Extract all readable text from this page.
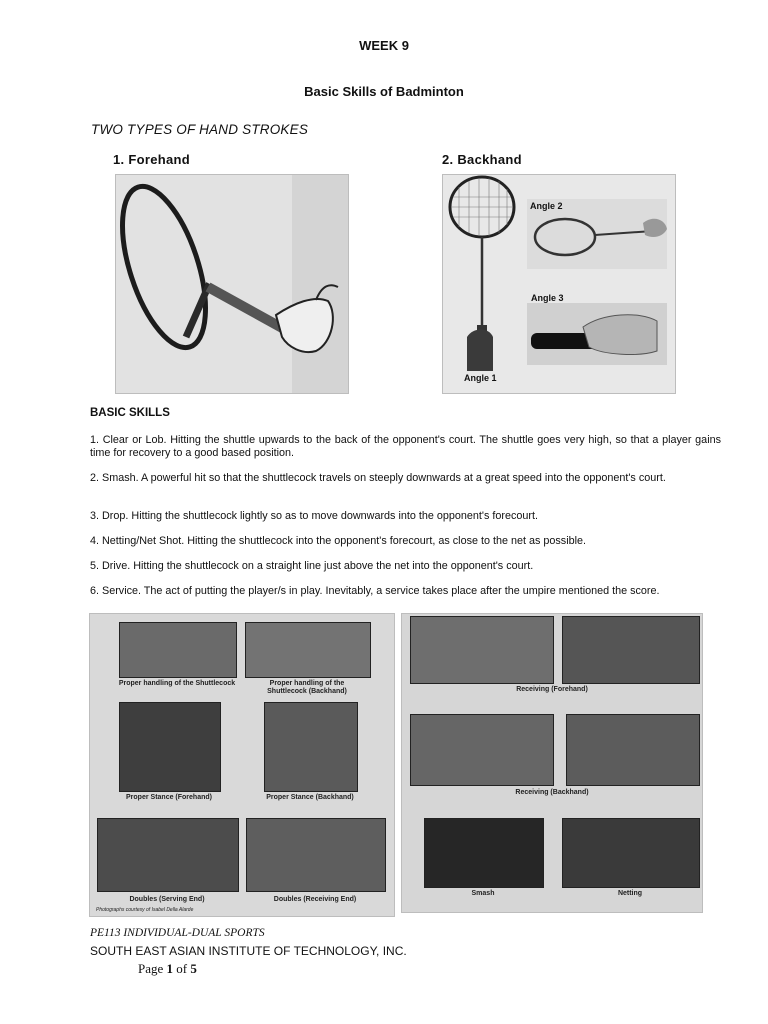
WEEK 9
Basic Skills of Badminton
TWO TYPES OF HAND STROKES
1. Forehand	2. Backhand
Angle 2
Angle 3
Angle 1
BASIC SKILLS
1. Clear or Lob. Hitting the shuttle upwards to the back of the opponent's court. The shuttle goes very high, so that a player gains time for recovery to a good based position.
2. Smash. A powerful hit so that the shuttlecock travels on steeply downwards at a great speed into the opponent's court.
3. Drop. Hitting the shuttlecock lightly so as to move downwards into the opponent's forecourt.
4. Netting/Net Shot. Hitting the shuttlecock into the opponent's forecourt, as close to the net as possible.
5. Drive. Hitting the shuttlecock on a straight line just above the net into the opponent's court.
6. Service. The act of putting the player/s in play. Inevitably, a service takes place after the umpire mentioned the score.
Proper handling of the Shuttlecock	Proper handling of the Shuttlecock (Backhand)
Proper Stance (Forehand)	Proper Stance (Backhand)
Doubles (Serving End)	Doubles (Receiving End)
Photographs courtesy of Isabel Della Alarde
Receiving (Forehand)
Receiving (Backhand)
Smash	Netting
PE113 INDIVIDUAL-DUAL SPORTS
SOUTH EAST ASIAN INSTITUTE OF TECHNOLOGY, INC.
Page 1 of 5
